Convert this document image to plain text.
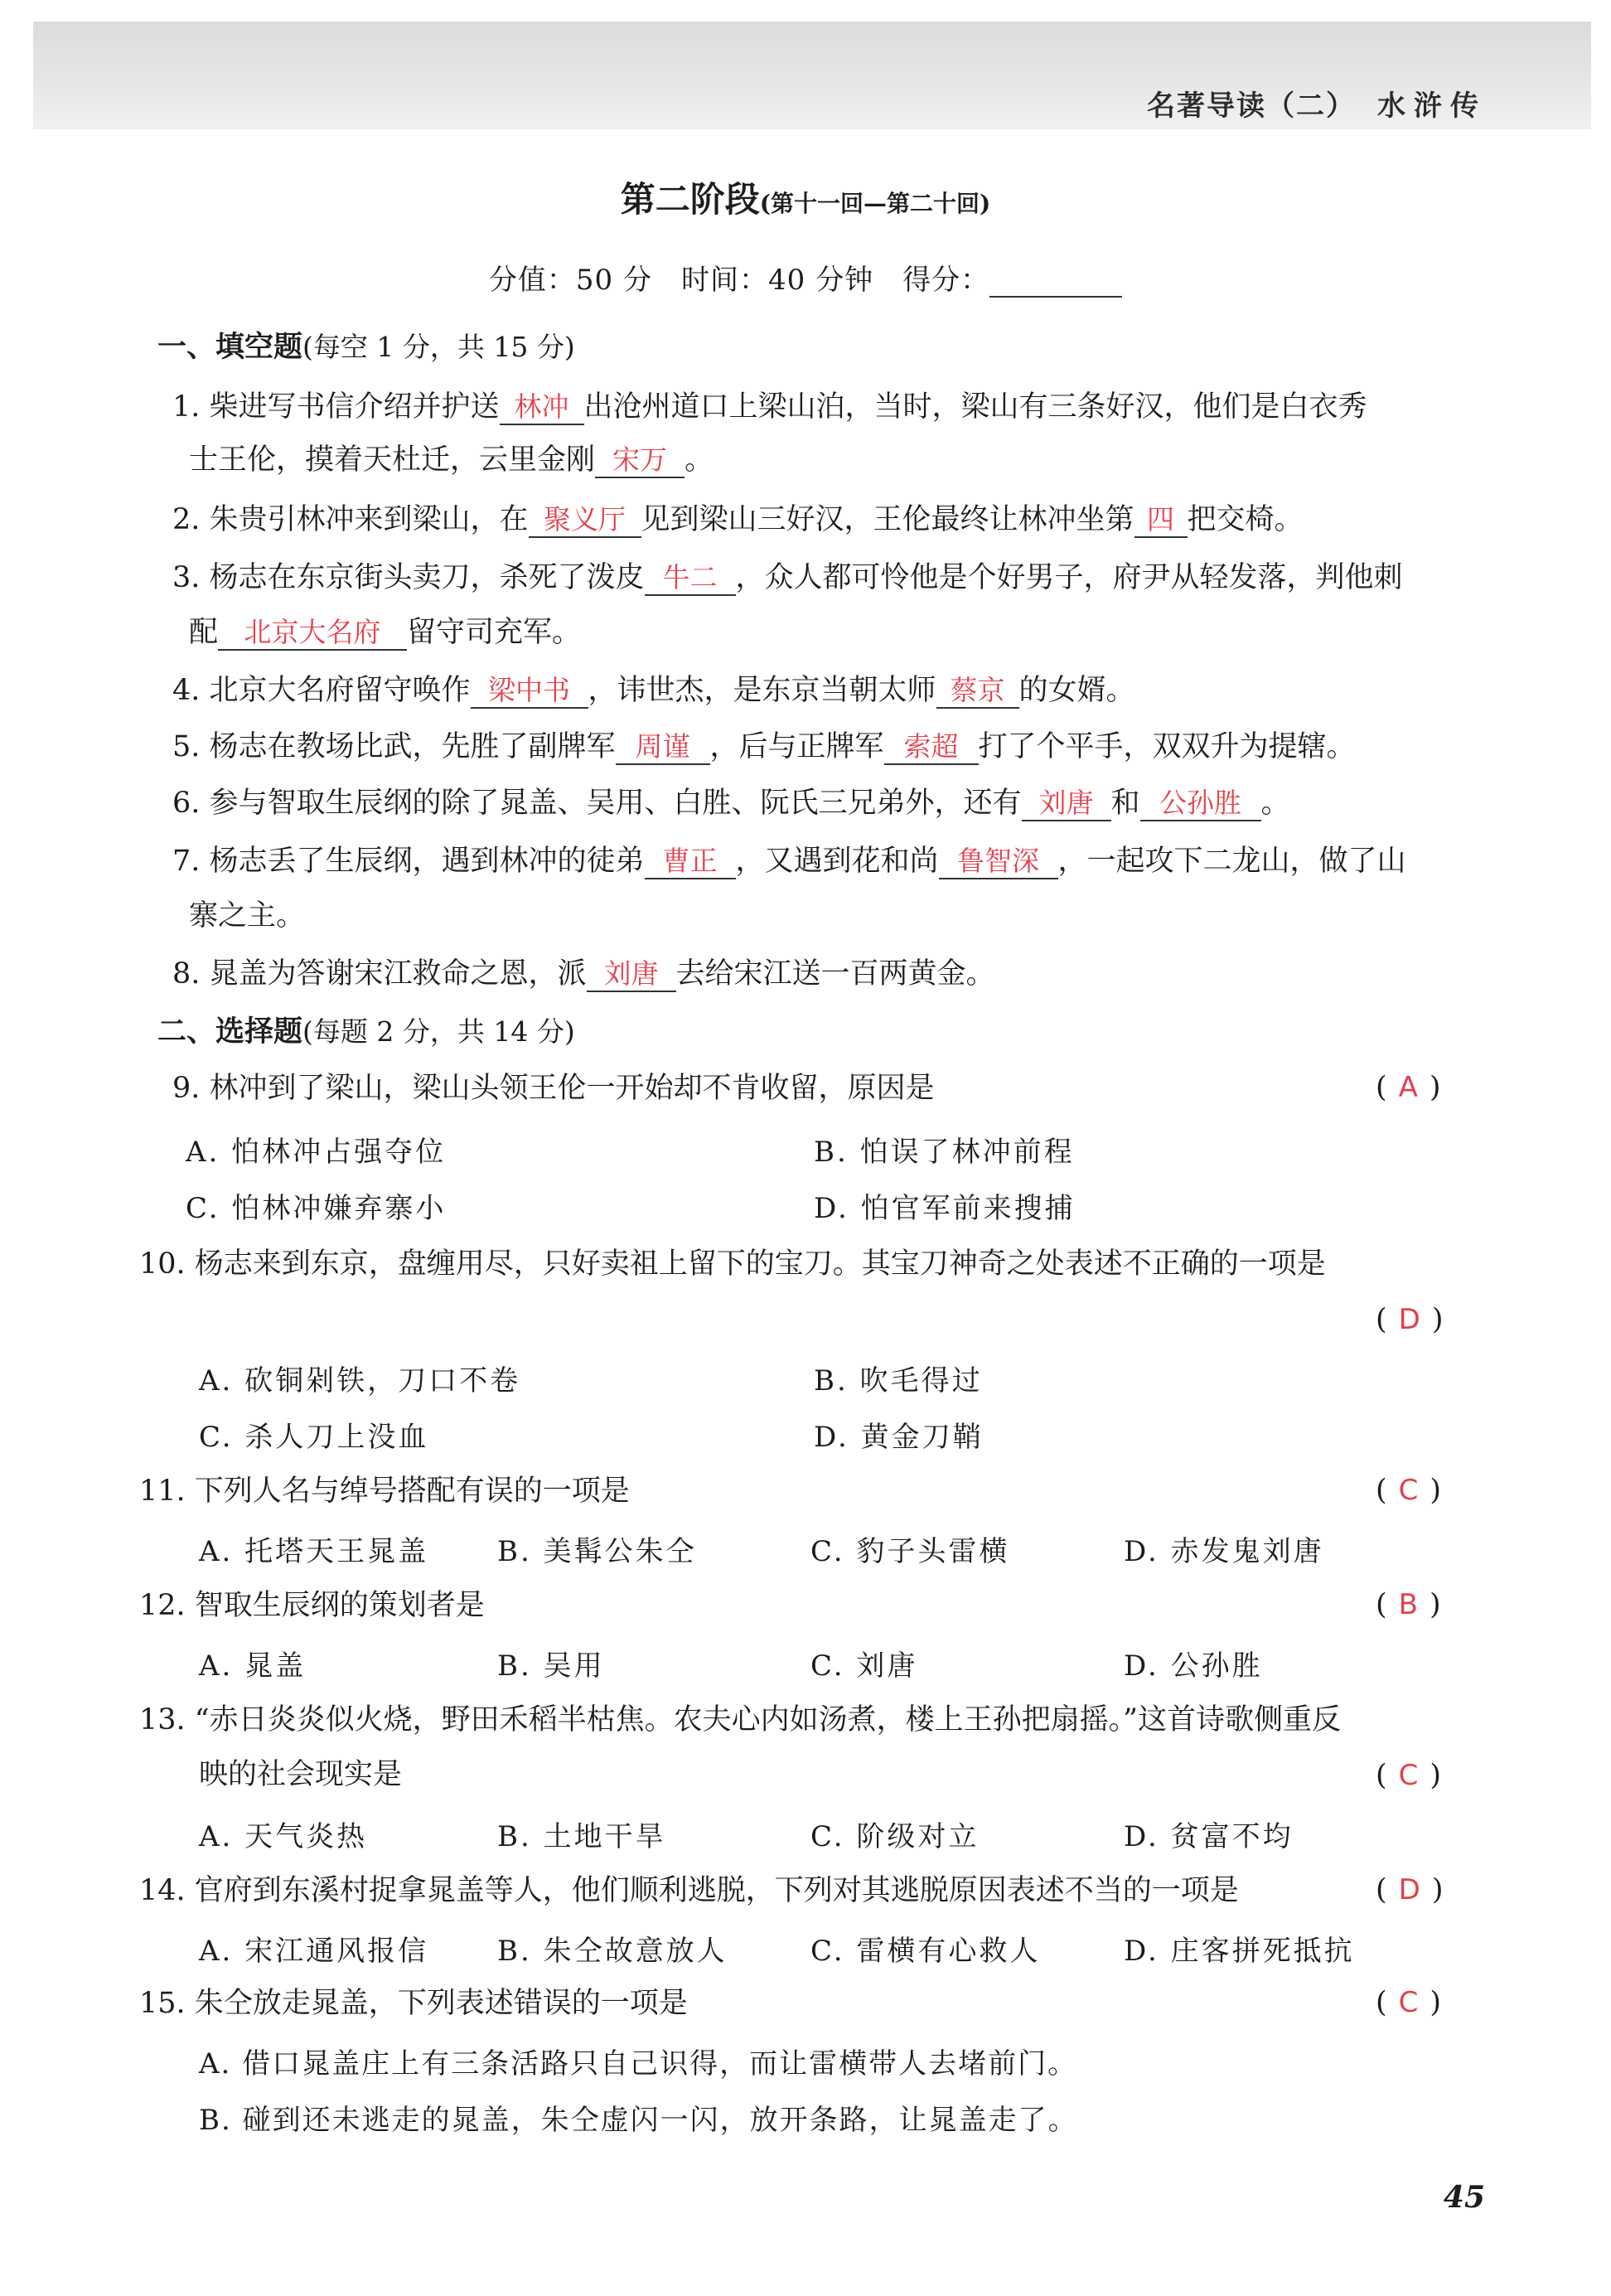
名著导读（二） 水浒传
第二阶段(第十一回—第二十回)
分值：50 分　时间：40 分钟　得分：
一、填空题(每空 1 分，共 15 分)
1. 柴进写书信介绍并护送 林冲 出沧州道口上梁山泊，当时，梁山有三条好汉，他们是白衣秀
士王伦，摸着天杜迁，云里金刚 宋万 。
2. 朱贵引林冲来到梁山，在 聚义厅 见到梁山三好汉，王伦最终让林冲坐第 四 把交椅。
3. 杨志在东京街头卖刀，杀死了泼皮 牛二 ，众人都可怜他是个好男子，府尹从轻发落，判他刺
配 北京大名府 留守司充军。
4. 北京大名府留守唤作 梁中书 ，讳世杰，是东京当朝太师 蔡京 的女婿。
5. 杨志在教场比武，先胜了副牌军 周谨 ，后与正牌军 索超 打了个平手，双双升为提辖。
6. 参与智取生辰纲的除了晁盖、吴用、白胜、阮氏三兄弟外，还有 刘唐 和 公孙胜 。
7. 杨志丢了生辰纲，遇到林冲的徒弟 曹正 ，又遇到花和尚 鲁智深 ，一起攻下二龙山，做了山
寨之主。
8. 晁盖为答谢宋江救命之恩，派 刘唐 去给宋江送一百两黄金。
二、选择题(每题 2 分，共 14 分)
9. 林冲到了梁山，梁山头领王伦一开始却不肯收留，原因是	( A )
A. 怕林冲占强夺位	B. 怕误了林冲前程
C. 怕林冲嫌弃寨小	D. 怕官军前来搜捕
10. 杨志来到东京，盘缠用尽，只好卖祖上留下的宝刀。其宝刀神奇之处表述不正确的一项是
( D )
A. 砍铜剁铁，刀口不卷	B. 吹毛得过
C. 杀人刀上没血	D. 黄金刀鞘
11. 下列人名与绰号搭配有误的一项是	( C )
A. 托塔天王晁盖 B. 美髯公朱仝	C. 豹子头雷横	D. 赤发鬼刘唐
12. 智取生辰纲的策划者是	( B )
A. 晁盖	B. 吴用	C. 刘唐	D. 公孙胜
13. “赤日炎炎似火烧，野田禾稻半枯焦。农夫心内如汤煮，楼上王孙把扇摇。”这首诗歌侧重反
映的社会现实是	( C )
A. 天气炎热	B. 土地干旱	C. 阶级对立	D. 贫富不均
14. 官府到东溪村捉拿晁盖等人，他们顺利逃脱，下列对其逃脱原因表述不当的一项是	( D )
A. 宋江通风报信 B. 朱仝故意放人	C. 雷横有心救人	D. 庄客拼死抵抗
15. 朱仝放走晁盖，下列表述错误的一项是	( C )
A. 借口晁盖庄上有三条活路只自己识得，而让雷横带人去堵前门。
B. 碰到还未逃走的晁盖，朱仝虚闪一闪，放开条路，让晁盖走了。
45
